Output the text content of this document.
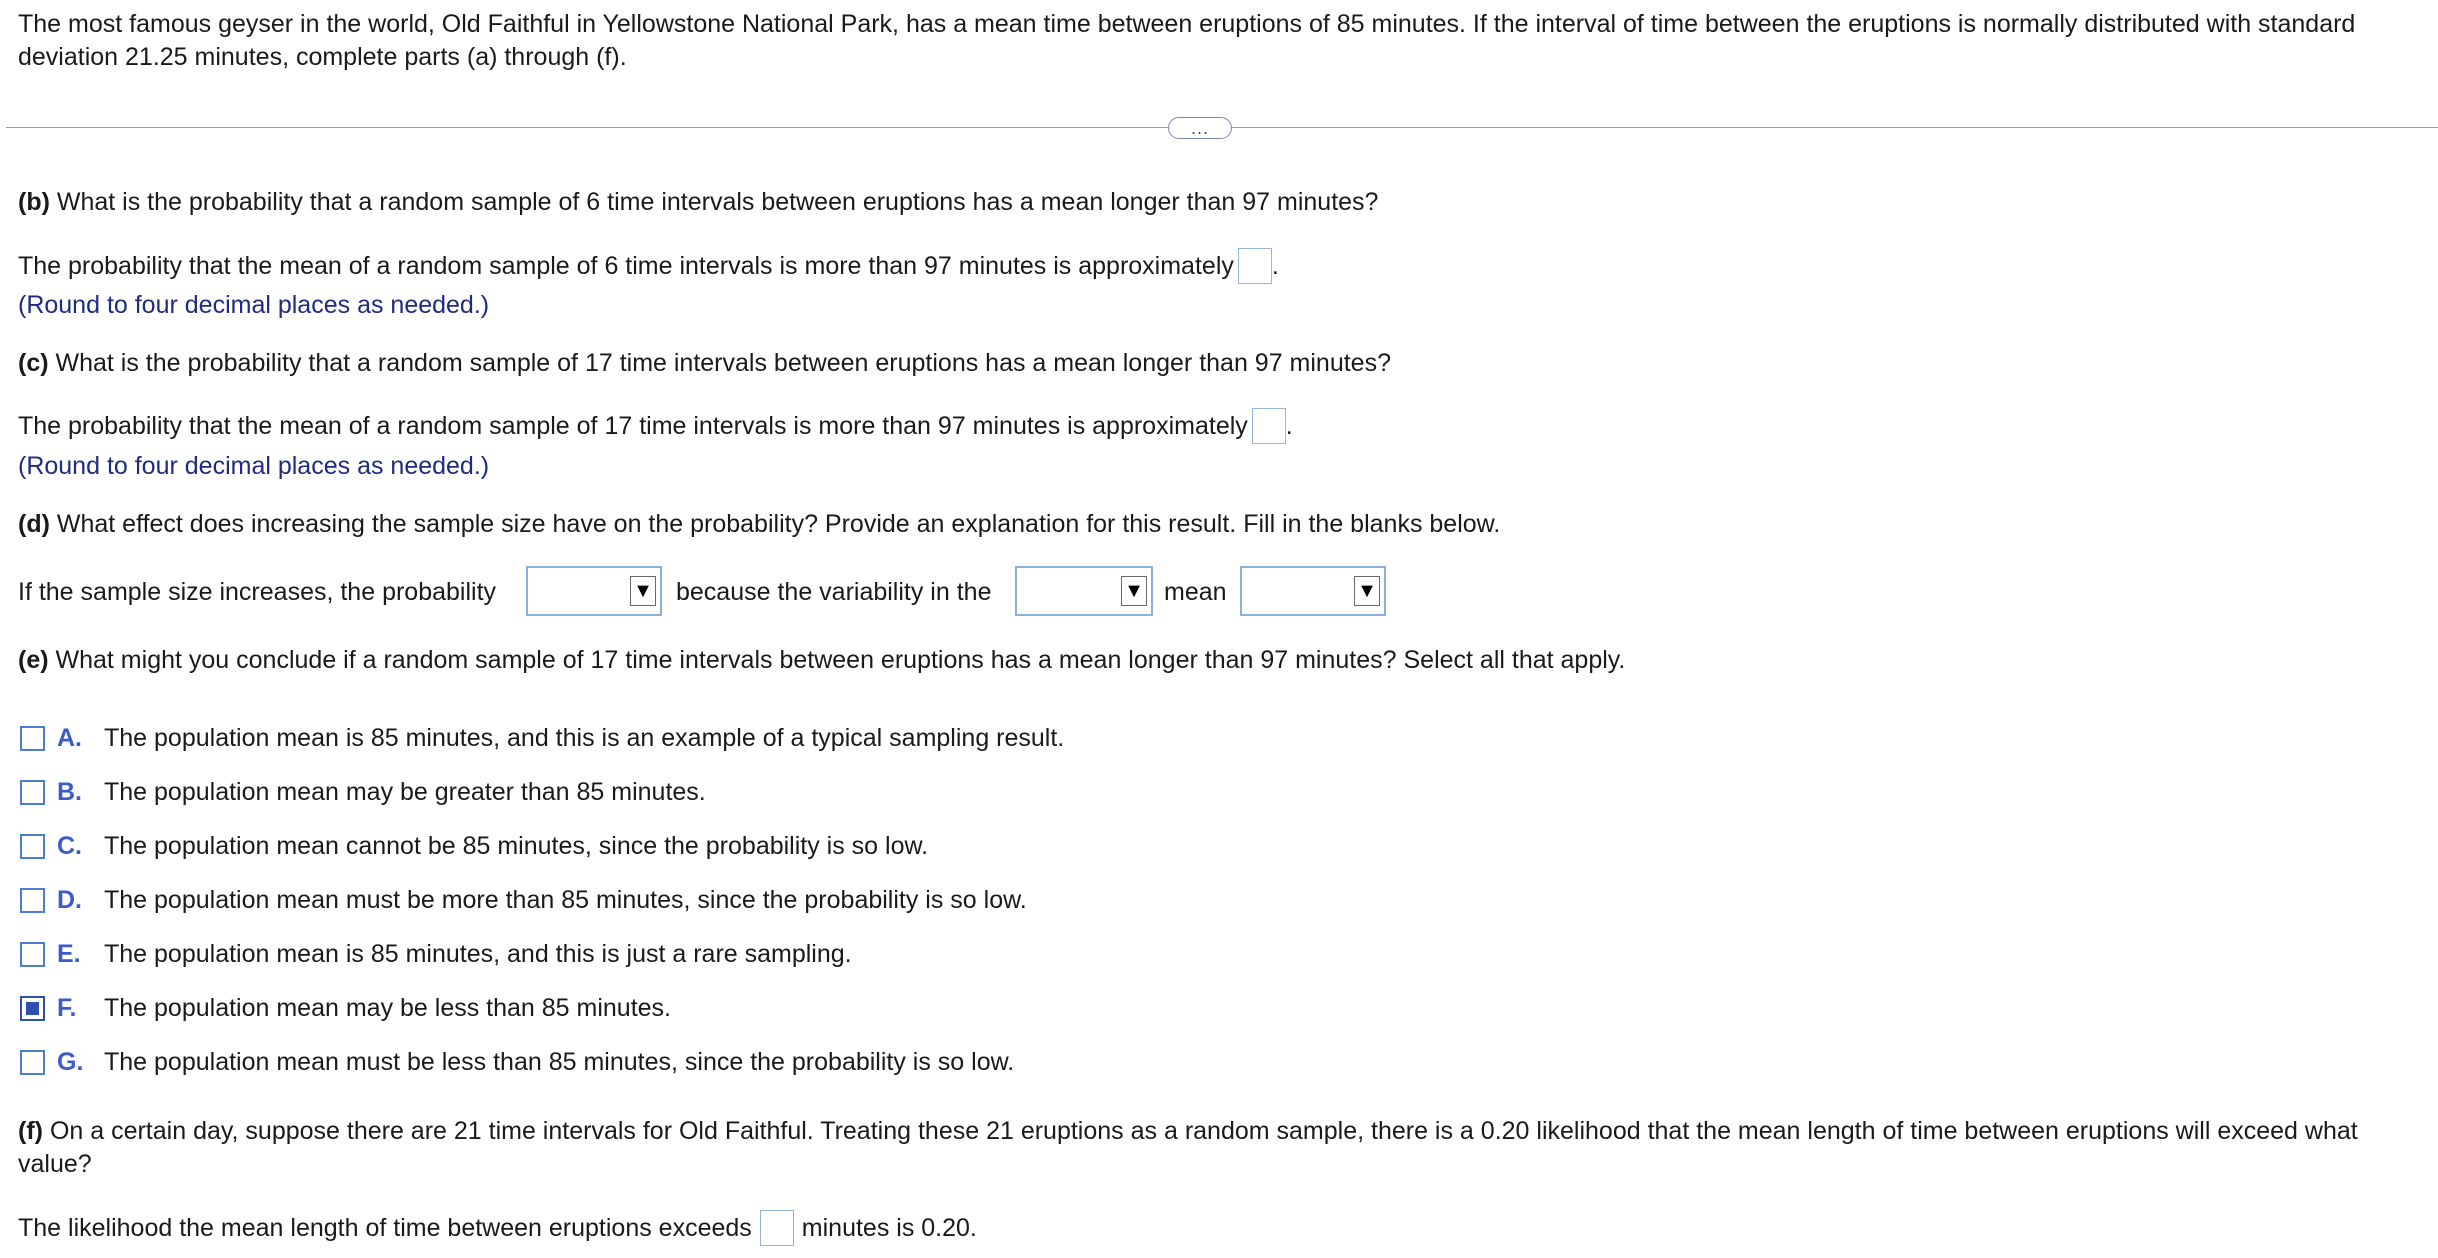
The most famous geyser in the world, Old Faithful in Yellowstone National Park, has a mean time between eruptions of 85 minutes. If the interval of time between the eruptions is normally distributed with standard deviation 21.25 minutes, complete parts (a) through (f).
...
(b) What is the probability that a random sample of 6 time intervals between eruptions has a mean longer than 97 minutes?
The probability that the mean of a random sample of 6 time intervals is more than 97 minutes is approximately .
(Round to four decimal places as needed.)
(c) What is the probability that a random sample of 17 time intervals between eruptions has a mean longer than 97 minutes?
The probability that the mean of a random sample of 17 time intervals is more than 97 minutes is approximately .
(Round to four decimal places as needed.)
(d) What effect does increasing the sample size have on the probability? Provide an explanation for this result. Fill in the blanks below.
If the sample size increases, the probability	▼ because the variability in the	▼ mean	▼
(e) What might you conclude if a random sample of 17 time intervals between eruptions has a mean longer than 97 minutes? Select all that apply.
A. The population mean is 85 minutes, and this is an example of a typical sampling result.
B. The population mean may be greater than 85 minutes.
C. The population mean cannot be 85 minutes, since the probability is so low.
D. The population mean must be more than 85 minutes, since the probability is so low.
E. The population mean is 85 minutes, and this is just a rare sampling.
F.	The population mean may be less than 85 minutes.
G. The population mean must be less than 85 minutes, since the probability is so low.
(f) On a certain day, suppose there are 21 time intervals for Old Faithful. Treating these 21 eruptions as a random sample, there is a 0.20 likelihood that the mean length of time between eruptions will exceed what value?
The likelihood the mean length of time between eruptions exceeds minutes is 0.20.
